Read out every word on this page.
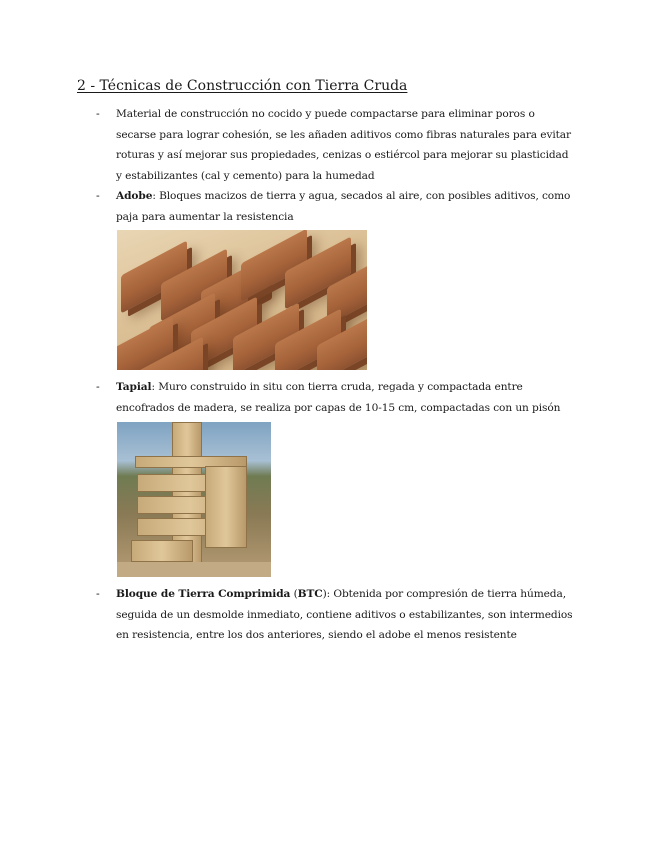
2 - Técnicas de Construcción con Tierra Cruda
- Material de construcción no cocido y puede compactarse para eliminar poros o secarse para lograr cohesión, se les añaden aditivos como fibras naturales para evitar roturas y así mejorar sus propiedades, cenizas o estiércol para mejorar su plasticidad y estabilizantes (cal y cemento) para la humedad
- Adobe: Bloques macizos de tierra y agua, secados al aire, con posibles aditivos, como paja para aumentar la resistencia
- Tapial: Muro construido in situ con tierra cruda, regada y compactada entre encofrados de madera, se realiza por capas de 10-15 cm, compactadas con un pisón
- Bloque de Tierra Comprimida (BTC): Obtenida por compresión de tierra húmeda, seguida de un desmolde inmediato, contiene aditivos o estabilizantes, son intermedios en resistencia, entre los dos anteriores, siendo el adobe el menos resistente
